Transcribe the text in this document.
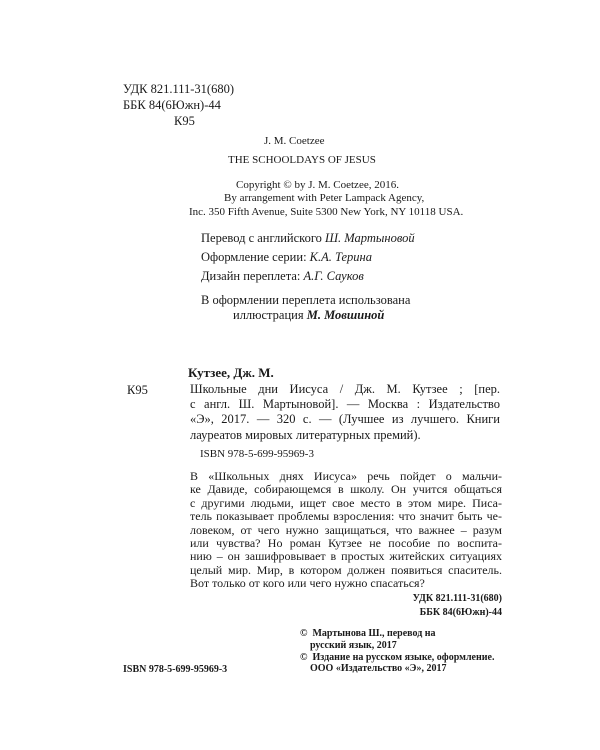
УДК 821.111-31(680)
ББК 84(6Южн)-44
К95
J. M. Coetzee
THE SCHOOLDAYS OF JESUS
Copyright © by J. M. Coetzee, 2016.
By arrangement with Peter Lampack Agency,
Inc. 350 Fifth Avenue, Suite 5300 New York, NY 10118 USA.
Перевод с английского Ш. Мартыновой
Оформление серии: К.А. Терина
Дизайн переплета: А.Г. Сауков
В оформлении переплета использована
иллюстрация М. Мовшиной
Кутзее, Дж. М.
К95	Школьные дни Иисуса / Дж. М. Кутзее ; [пер.
с англ. Ш. Мартыновой]. — Москва : Издательство
«Э», 2017. — 320 с. — (Лучшее из лучшего. Книги
лауреатов мировых литературных премий).
ISBN 978-5-699-95969-3
В «Школьных днях Иисуса» речь пойдет о мальчи-
ке Давиде, собирающемся в школу. Он учится общаться
с другими людьми, ищет свое место в этом мире. Писа-
тель показывает проблемы взросления: что значит быть че-
ловеком, от чего нужно защищаться, что важнее – разум
или чувства? Но роман Кутзее не пособие по воспита-
нию – он зашифровывает в простых житейских ситуациях
целый мир. Мир, в котором должен появиться спаситель.
Вот только от кого или чего нужно спасаться?
УДК 821.111-31(680)
ББК 84(6Южн)-44
©  Мартынова Ш., перевод на
русский язык, 2017
©  Издание на русском языке, оформление.
ООО «Издательство «Э», 2017
ISBN 978-5-699-95969-3
